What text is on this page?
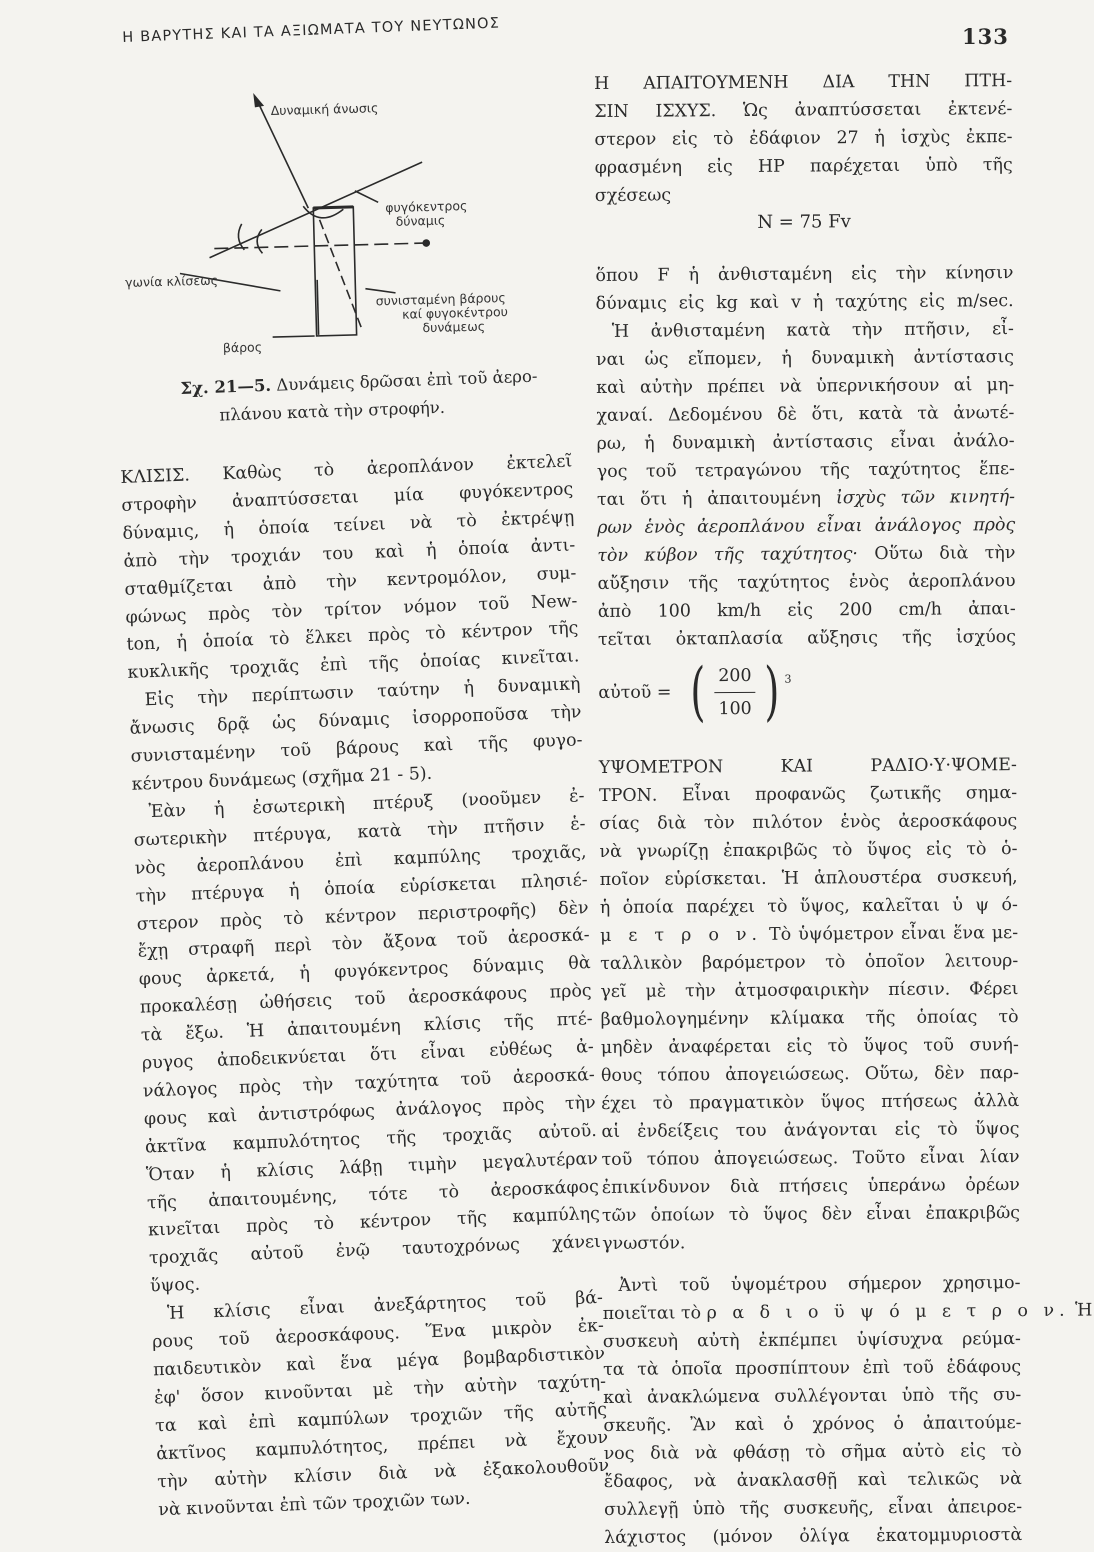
Η ΒΑΡΥΤΗΣ ΚΑΙ ΤΑ ΑΞΙΩΜΑΤΑ ΤΟΥ ΝΕΥΤΩΝΟΣ	133
Δυναμική άνωσις
φυγόκεντρος
δύναμις
γωνία κλίσεως
συνισταμένη βάρους
καί φυγοκέντρου
δυνάμεως
βάρος
Σχ. 21—5. Δυνάμεις δρῶσαι ἐπὶ τοῦ ἀερο-
πλάνου κατὰ τὴν στροφήν.
ΚΛΙΣΙΣ. Καθὼς τὸ ἀεροπλάνον ἐκτελεῖ
στροφὴν ἀναπτύσσεται μία φυγόκεντρος
δύναμις, ἡ ὁποία τείνει νὰ τὸ ἐκτρέψῃ
ἀπὸ τὴν τροχιάν του καὶ ἡ ὁποία ἀντι-
σταθμίζεται ἀπὸ τὴν κεντρομόλον, συμ-
φώνως πρὸς τὸν τρίτον νόμον τοῦ New-
ton, ἡ ὁποία τὸ ἕλκει πρὸς τὸ κέντρον τῆς
κυκλικῆς τροχιᾶς ἐπὶ τῆς ὁποίας κινεῖται.
Εἰς τὴν περίπτωσιν ταύτην ἡ δυναμικὴ
ἄνωσις δρᾷ ὡς δύναμις ἰσορροποῦσα τὴν
συνισταμένην τοῦ βάρους καὶ τῆς φυγο-
κέντρου δυνάμεως (σχῆμα 21 - 5).
Ἐὰν ἡ ἐσωτερικὴ πτέρυξ (νοοῦμεν ἐ-
σωτερικὴν πτέρυγα, κατὰ τὴν πτῆσιν ἑ-
νὸς ἀεροπλάνου ἐπὶ καμπύλης τροχιᾶς,
τὴν πτέρυγα ἡ ὁποία εὑρίσκεται πλησιέ-
στερον πρὸς τὸ κέντρον περιστροφῆς) δὲν
ἔχῃ στραφῆ περὶ τὸν ἄξονα τοῦ ἀεροσκά-
φους ἀρκετά, ἡ φυγόκεντρος δύναμις θὰ
προκαλέσῃ ὠθήσεις τοῦ ἀεροσκάφους πρὸς
τὰ ἔξω. Ἡ ἀπαιτουμένη κλίσις τῆς πτέ-
ρυγος ἀποδεικνύεται ὅτι εἶναι εὐθέως ἀ-
νάλογος πρὸς τὴν ταχύτητα τοῦ ἀεροσκά-
φους καὶ ἀντιστρόφως ἀνάλογος πρὸς τὴν
ἀκτῖνα καμπυλότητος τῆς τροχιᾶς αὐτοῦ.
Ὅταν ἡ κλίσις λάβῃ τιμὴν μεγαλυτέραν
τῆς ἀπαιτουμένης, τότε τὸ ἀεροσκάφος
κινεῖται πρὸς τὸ κέντρον τῆς καμπύλης
τροχιᾶς αὐτοῦ ἐνῷ ταυτοχρόνως χάνει
ὕψος.
Ἡ κλίσις εἶναι ἀνεξάρτητος τοῦ βά-
ρους τοῦ ἀεροσκάφους. Ἕνα μικρὸν ἐκ-
παιδευτικὸν καὶ ἕνα μέγα βομβαρδιστικὸν
ἐφ' ὅσον κινοῦνται μὲ τὴν αὐτὴν ταχύτη-
τα καὶ ἐπὶ καμπύλων τροχιῶν τῆς αὐτῆς
ἀκτῖνος καμπυλότητος, πρέπει νὰ ἔχουν
τὴν αὐτὴν κλίσιν διὰ νὰ ἐξακολουθοῦν
νὰ κινοῦνται ἐπὶ τῶν τροχιῶν των.
Η ΑΠΑΙΤΟΥΜΕΝΗ ΔΙΑ ΤΗΝ ΠΤΗ-
ΣΙΝ ΙΣΧΥΣ. Ὡς ἀναπτύσσεται ἐκτενέ-
στερον εἰς τὸ ἐδάφιον 27 ἡ ἰσχὺς ἐκπε-
φρασμένη εἰς HP παρέχεται ὑπὸ τῆς
σχέσεως
N = 75 Fv
ὅπου F ἡ ἀνθισταμένη εἰς τὴν κίνησιν
δύναμις εἰς kg καὶ v ἡ ταχύτης εἰς m/sec.
Ἡ ἀνθισταμένη κατὰ τὴν πτῆσιν, εἶ-
ναι ὡς εἴπομεν, ἡ δυναμικὴ ἀντίστασις
καὶ αὐτὴν πρέπει νὰ ὑπερνικήσουν αἱ μη-
χαναί. Δεδομένου δὲ ὅτι, κατὰ τὰ ἀνωτέ-
ρω, ἡ δυναμικὴ ἀντίστασις εἶναι ἀνάλο-
γος τοῦ τετραγώνου τῆς ταχύτητος ἕπε-
ται ὅτι ἡ ἀπαιτουμένη ἰσχὺς τῶν κινητή-
ρων ἑνὸς ἀεροπλάνου εἶναι ἀνάλογος πρὸς
τὸν κύβον τῆς ταχύτητος· Οὕτω διὰ τὴν
αὔξησιν τῆς ταχύτητος ἑνὸς ἀεροπλάνου
ἀπὸ 100 km/h εἰς 200 cm/h ἀπαι-
τεῖται ὀκταπλασία αὔξησις τῆς ἰσχύος
αὐτοῦ = ( $\frac{200}{100}$ ) 3
ΥΨΟΜΕΤΡΟΝ ΚΑΙ ΡΑΔΙΟ·Υ·ΨΟΜΕ-
ΤΡΟΝ. Εἶναι προφανῶς ζωτικῆς σημα-
σίας διὰ τὸν πιλότον ἑνὸς ἀεροσκάφους
νὰ γνωρίζῃ ἐπακριβῶς τὸ ὕψος εἰς τὸ ὁ-
ποῖον εὑρίσκεται. Ἡ ἁπλουστέρα συσκευή,
ἡ ὁποία παρέχει τὸ ὕψος, καλεῖται ὑ ψ ό-
μ ε τ ρ ο ν. Τὸ ὑψόμετρον εἶναι ἕνα με-
ταλλικὸν βαρόμετρον τὸ ὁποῖον λειτουρ-
γεῖ μὲ τὴν ἀτμοσφαιρικὴν πίεσιν. Φέρει
βαθμολογημένην κλίμακα τῆς ὁποίας τὸ
μηδὲν ἀναφέρεται εἰς τὸ ὕψος τοῦ συνή-
θους τόπου ἀπογειώσεως. Οὕτω, δὲν παρ-
έχει τὸ πραγματικὸν ὕψος πτήσεως ἀλλὰ
αἱ ἐνδείξεις του ἀνάγονται εἰς τὸ ὕψος
τοῦ τόπου ἀπογειώσεως. Τοῦτο εἶναι λίαν
ἐπικίνδυνον διὰ πτήσεις ὑπεράνω ὀρέων
τῶν ὁποίων τὸ ὕψος δὲν εἶναι ἐπακριβῶς
γνωστόν.
Ἀντὶ τοῦ ὑψομέτρου σήμερον χρησιμο-
ποιεῖται τὸ ρ α δ ι ο ϋ ψ ό μ ε τ ρ ο ν. Ἡ
συσκευὴ αὐτὴ ἐκπέμπει ὑψίσυχνα ρεύμα-
τα τὰ ὁποῖα προσπίπτουν ἐπὶ τοῦ ἐδάφους
καὶ ἀνακλώμενα συλλέγονται ὑπὸ τῆς συ-
σκευῆς. Ἂν καὶ ὁ χρόνος ὁ ἀπαιτούμε-
νος διὰ νὰ φθάσῃ τὸ σῆμα αὐτὸ εἰς τὸ
ἔδαφος, νὰ ἀνακλασθῇ καὶ τελικῶς νὰ
συλλεγῇ ὑπὸ τῆς συσκευῆς, εἶναι ἀπειροε-
λάχιστος (μόνον ὀλίγα ἑκατομμυριοστὰ
